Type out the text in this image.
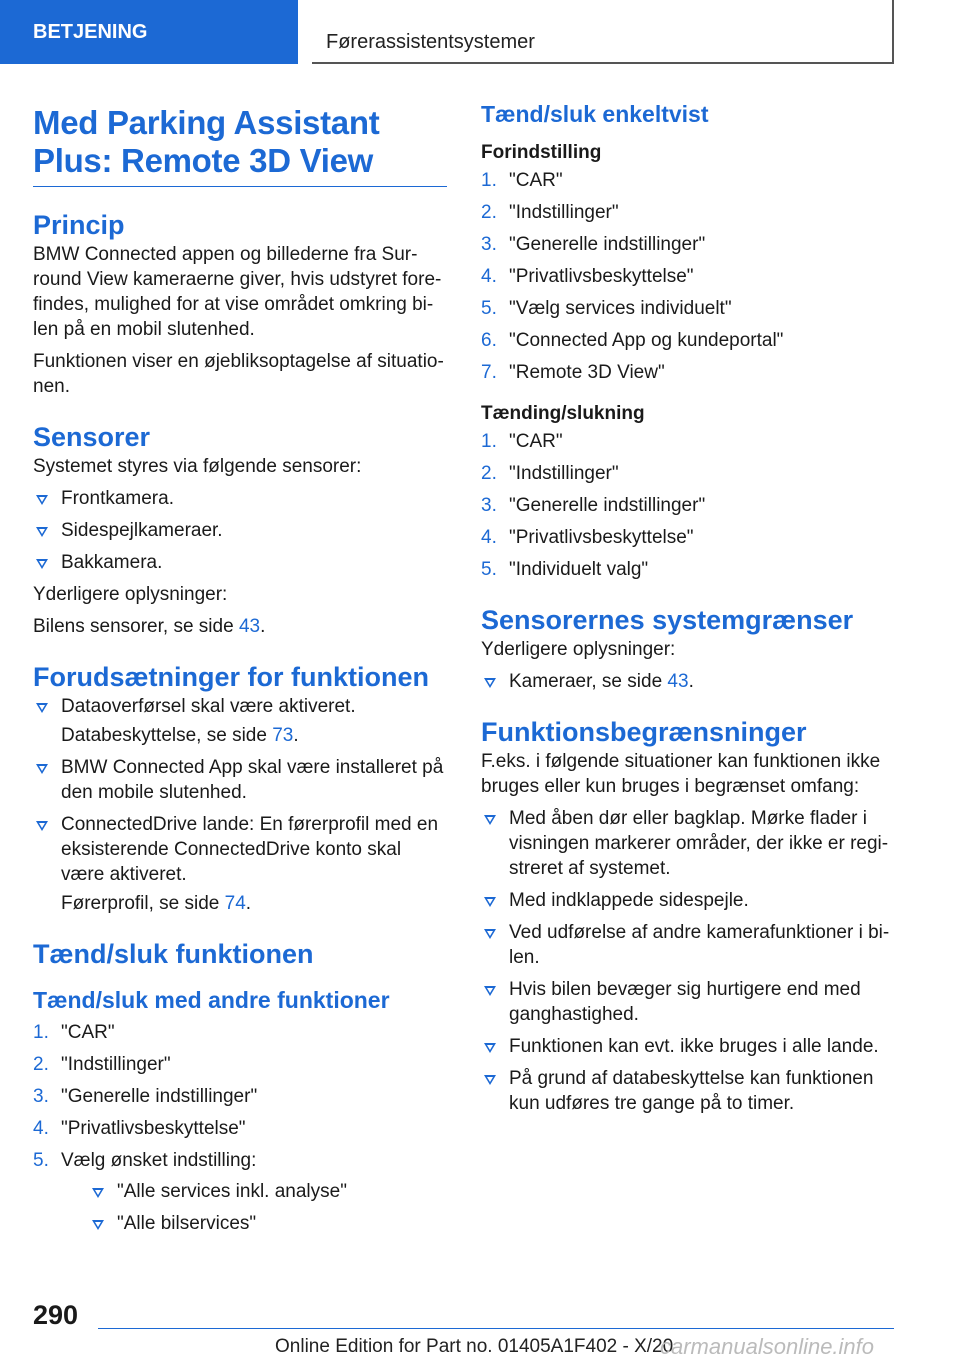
BETJENING	Førerassistentsystemer
Med Parking Assistant Plus: Remote 3D View
Princip

BMW Connected appen og billederne fra Sur-round View kameraerne giver, hvis udstyret fore-findes, mulighed for at vise området omkring bi-len på en mobil slutenhed.

Funktionen viser en øjebliksoptagelse af situatio-nen.

Sensorer

Systemet styres via følgende sensorer:

Frontkamera.
Sidespejlkameraer.
Bakkamera.

Yderligere oplysninger:

Bilens sensorer, se side 43.

Forudsætninger for funktionen
Dataoverførsel skal være aktiveret.
Databeskyttelse, se side 73.
BMW Connected App skal være installeret på den mobile slutenhed.
ConnectedDrive lande: En førerprofil med en eksisterende ConnectedDrive konto skal være aktiveret.
Førerprofil, se side 74.
Tænd/sluk funktionen
Tænd/sluk med andre funktioner
1. "CAR"
2. "Indstillinger"
3. "Generelle indstillinger"
4. "Privatlivsbeskyttelse"
5. Vælg ønsket indstilling:
"Alle services inkl. analyse"
"Alle bilservices"
Tænd/sluk enkeltvist
Forindstilling
1. "CAR"
2. "Indstillinger"
3. "Generelle indstillinger"
4. "Privatlivsbeskyttelse"
5. "Vælg services individuelt"
6. "Connected App og kundeportal"
7. "Remote 3D View"
Tænding/slukning
1. "CAR"
2. "Indstillinger"
3. "Generelle indstillinger"
4. "Privatlivsbeskyttelse"
5. "Individuelt valg"
Sensorernes systemgrænser

Yderligere oplysninger:

Kameraer, se side 43.
Funktionsbegrænsninger

F.eks. i følgende situationer kan funktionen ikke bruges eller kun bruges i begrænset omfang:

Med åben dør eller bagklap. Mørke flader i visningen markerer områder, der ikke er regi-streret af systemet.
Med indklappede sidespejle.
Ved udførelse af andre kamerafunktioner i bi-len.
Hvis bilen bevæger sig hurtigere end med ganghastighed.
Funktionen kan evt. ikke bruges i alle lande.
På grund af databeskyttelse kan funktionen kun udføres tre gange på to timer.
290
Online Edition for Part no. 01405A1F402 - X/20
carmanualsonline.info
